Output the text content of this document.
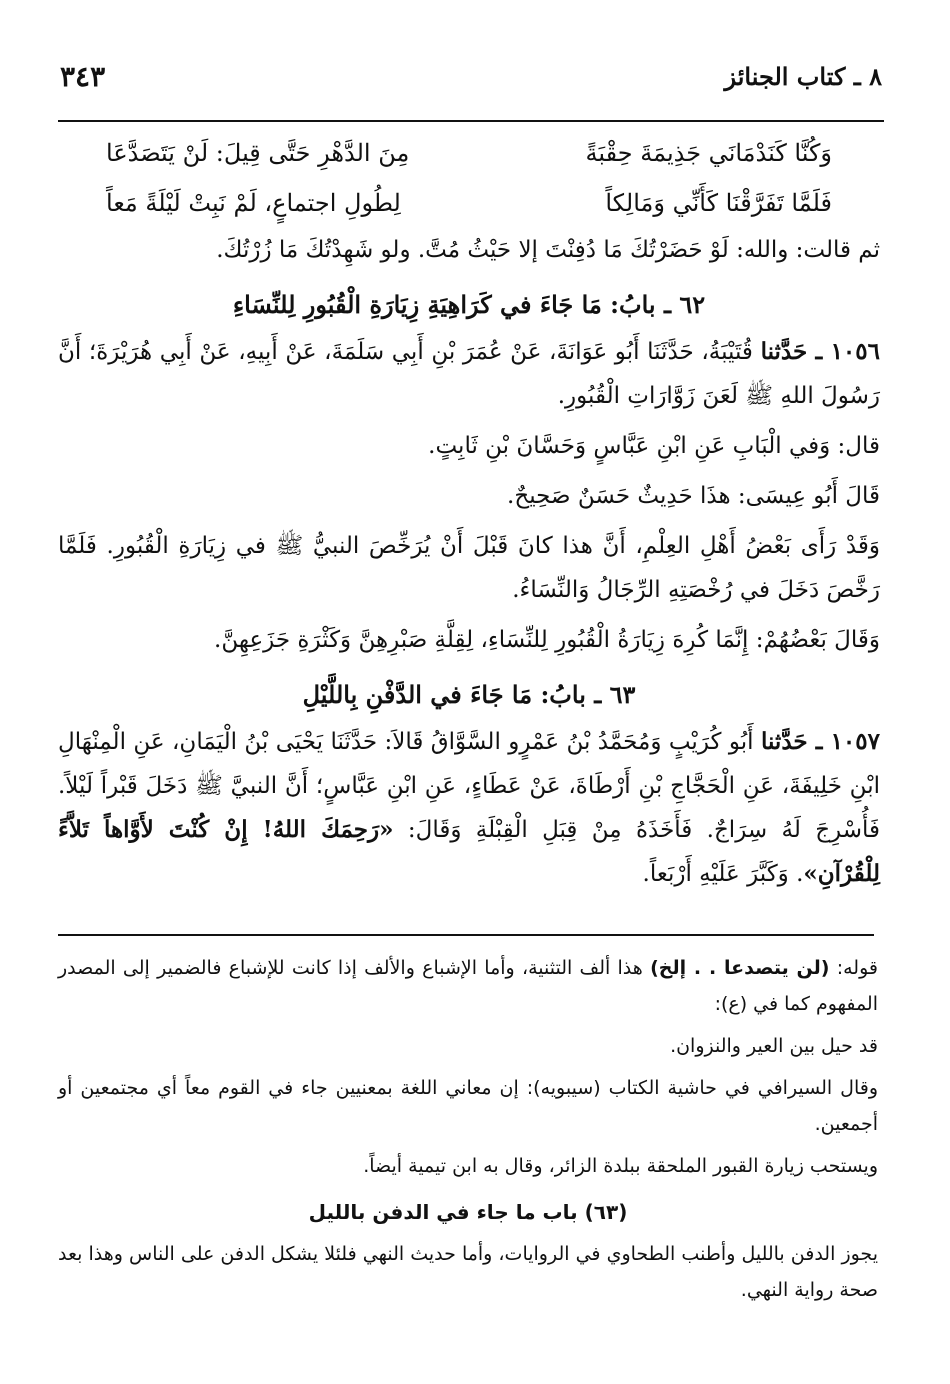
٨ ـ كتاب الجنائز
٣٤٣
وَكُنَّا كَنَدْمَانَي جَذِيمَةَ حِقْبَةً
مِنَ الدَّهْرِ حَتَّى قِيلَ: لَنْ يَتَصَدَّعَا
فَلَمَّا تَفَرَّقْنَا كَأَنِّي وَمَالِكاً
لِطُولِ اجتماعٍ، لَمْ نَبِتْ لَيْلَةً مَعاً

ثم قالت: والله: لَوْ حَضَرْتُكَ مَا دُفِنْتَ إلا حَيْثُ مُتَّ. ولو شَهِدْتُكَ مَا زُرْتُكَ.

٦٢ ـ بابُ: مَا جَاءَ في كَرَاهِيَةِ زِيَارَةِ الْقُبُورِ لِلنِّسَاءِ

١٠٥٦ ـ حَدَّثنا قُتَيْبَةُ، حَدَّثَنَا أَبُو عَوَانَةَ، عَنْ عُمَرَ بْنِ أَبِي سَلَمَةَ، عَنْ أَبِيهِ، عَنْ أَبِي هُرَيْرَةَ؛ أَنَّ رَسُولَ اللهِ ﷺ لَعَنَ زَوَّارَاتِ الْقُبُورِ.

قال: وَفي الْبَابِ عَنِ ابْنِ عَبَّاسٍ وَحَسَّانَ بْنِ ثَابِتٍ.

قَالَ أَبُو عِيسَى: هذَا حَدِيثٌ حَسَنٌ صَحِيحٌ.

وَقَدْ رَأَى بَعْضُ أَهْلِ العِلْمِ، أَنَّ هذا كانَ قَبْلَ أَنْ يُرَخِّصَ النبيُّ ﷺ في زِيَارَةِ الْقُبُورِ. فَلَمَّا رَخَّصَ دَخَلَ في رُخْصَتِهِ الرِّجَالُ وَالنِّسَاءُ.

وَقَالَ بَعْضُهُمْ: إِنَّمَا كُرِهَ زِيَارَةُ الْقُبُورِ لِلنِّسَاءِ، لِقِلَّةِ صَبْرِهِنَّ وَكَثْرَةِ جَزَعِهِنَّ.

٦٣ ـ بابُ: مَا جَاءَ في الدَّفْنِ بِاللَّيْلِ

١٠٥٧ ـ حَدَّثنا أَبُو كُرَيْبٍ وَمُحَمَّدُ بْنُ عَمْرٍو السَّوَّاقُ قَالاَ: حَدَّثَنَا يَحْيَى بْنُ الْيَمَانِ، عَنِ الْمِنْهَالِ ابْنِ خَلِيفَةَ، عَنِ الْحَجَّاجِ بْنِ أَرْطَاةَ، عَنْ عَطَاءٍ، عَنِ ابْنِ عَبَّاسٍ؛ أَنَّ النبيَّ ﷺ دَخَلَ قَبْراً لَيْلاً. فَأُسْرِجَ لَهُ سِرَاجٌ. فَأَخَذَهُ مِنْ قِبَلِ الْقِبْلَةِ وَقَالَ: «رَحِمَكَ اللهُ! إِنْ كُنْتَ لأَوَّاهاً تَلاَّءً لِلْقُرْآنِ». وَكَبَّرَ عَلَيْهِ أَرْبَعاً.

قوله: (لن يتصدعا . . إلخ) هذا ألف التثنية، وأما الإشباع والألف إذا كانت للإشباع فالضمير إلى المصدر المفهوم كما في (ع):

قد حيل بين العير والنزوان.

وقال السيرافي في حاشية الكتاب (سيبويه): إن معاني اللغة بمعنيين جاء في القوم معاً أي مجتمعين أو أجمعين.

ويستحب زيارة القبور الملحقة ببلدة الزائر، وقال به ابن تيمية أيضاً.

(٦٣) باب ما جاء في الدفن بالليل

يجوز الدفن بالليل وأطنب الطحاوي في الروايات، وأما حديث النهي فلئلا يشكل الدفن على الناس وهذا بعد صحة رواية النهي.
